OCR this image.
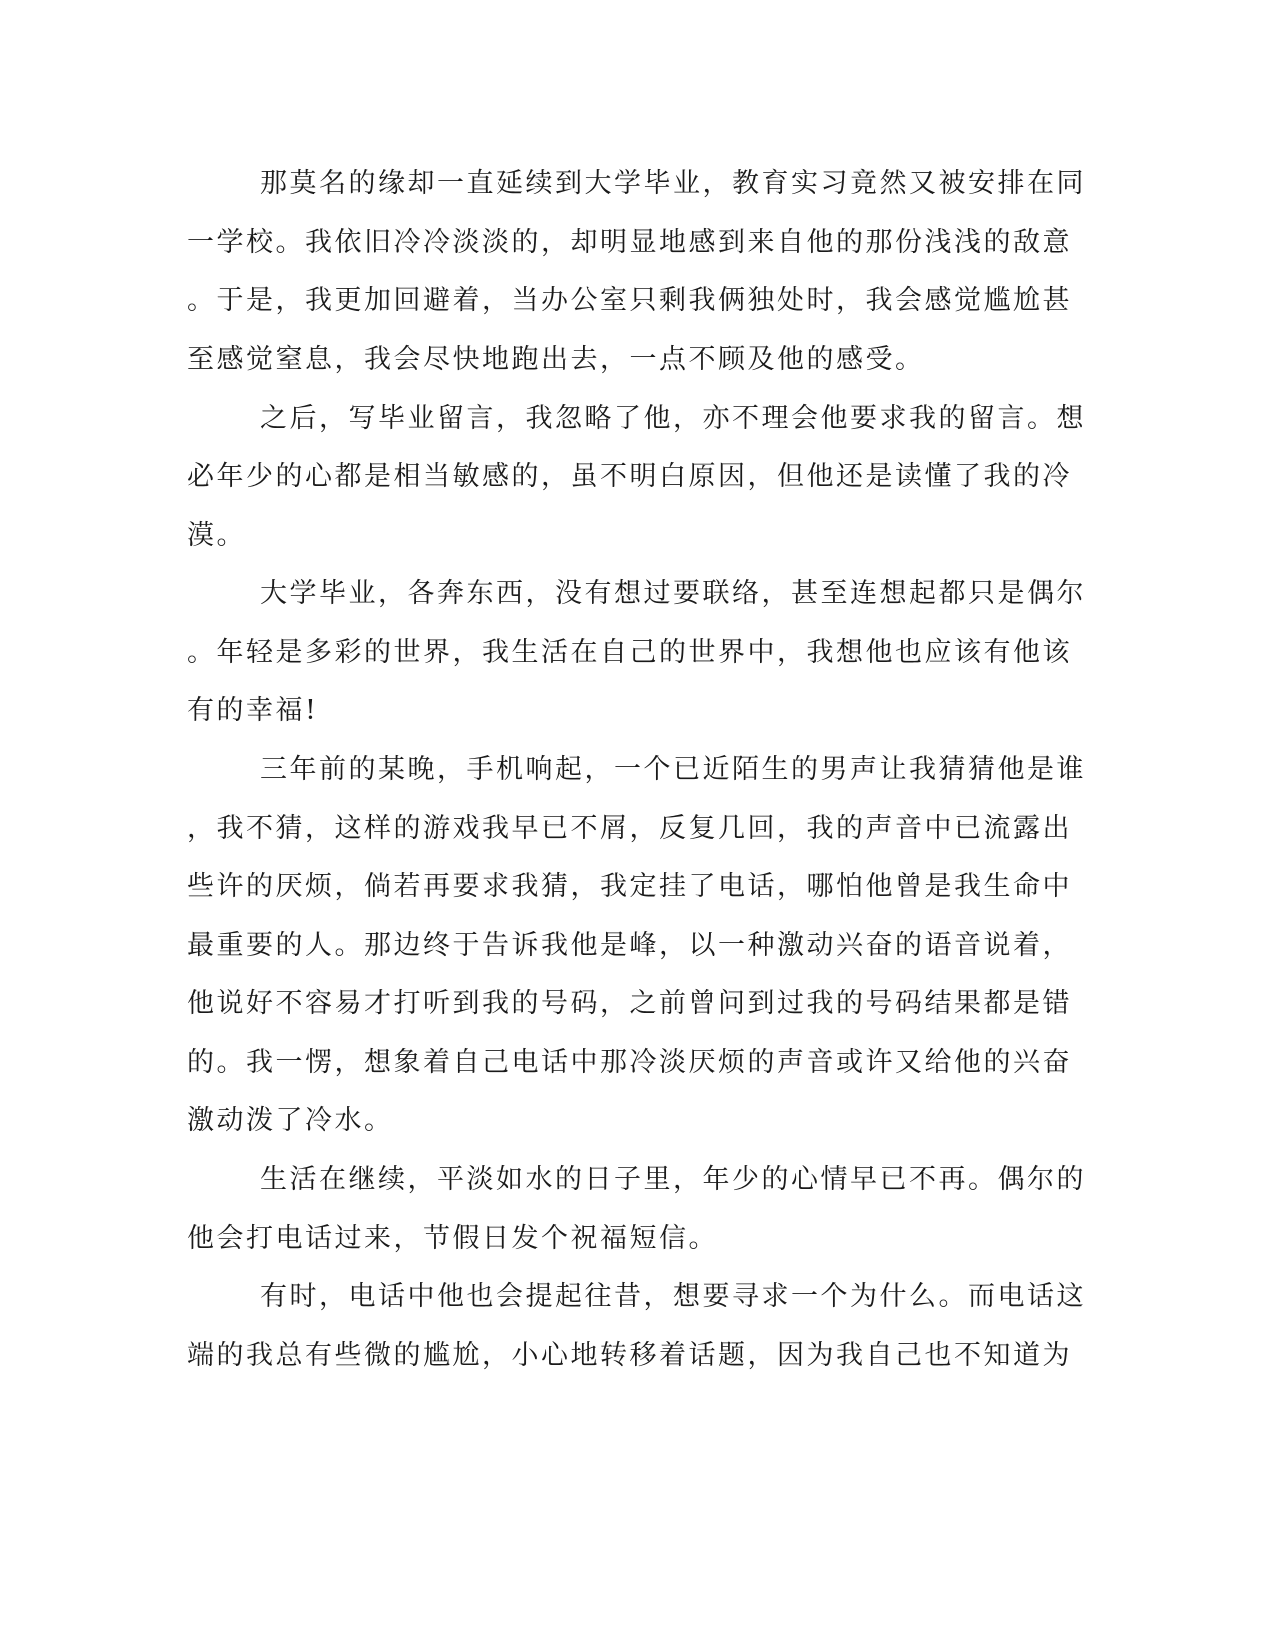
那莫名的缘却一直延续到大学毕业，教育实习竟然又被安排在同
一学校。我依旧冷冷淡淡的，却明显地感到来自他的那份浅浅的敌意
。于是，我更加回避着，当办公室只剩我俩独处时，我会感觉尴尬甚
至感觉窒息，我会尽快地跑出去，一点不顾及他的感受。
之后，写毕业留言，我忽略了他，亦不理会他要求我的留言。想
必年少的心都是相当敏感的，虽不明白原因，但他还是读懂了我的冷
漠。
大学毕业，各奔东西，没有想过要联络，甚至连想起都只是偶尔
。年轻是多彩的世界，我生活在自己的世界中，我想他也应该有他该
有的幸福!
三年前的某晚，手机响起，一个已近陌生的男声让我猜猜他是谁
，我不猜，这样的游戏我早已不屑，反复几回，我的声音中已流露出
些许的厌烦，倘若再要求我猜，我定挂了电话，哪怕他曾是我生命中
最重要的人。那边终于告诉我他是峰，以一种激动兴奋的语音说着，
他说好不容易才打听到我的号码，之前曾问到过我的号码结果都是错
的。我一愣，想象着自己电话中那冷淡厌烦的声音或许又给他的兴奋
激动泼了冷水。
生活在继续，平淡如水的日子里，年少的心情早已不再。偶尔的
他会打电话过来，节假日发个祝福短信。
有时，电话中他也会提起往昔，想要寻求一个为什么。而电话这
端的我总有些微的尴尬，小心地转移着话题，因为我自己也不知道为
